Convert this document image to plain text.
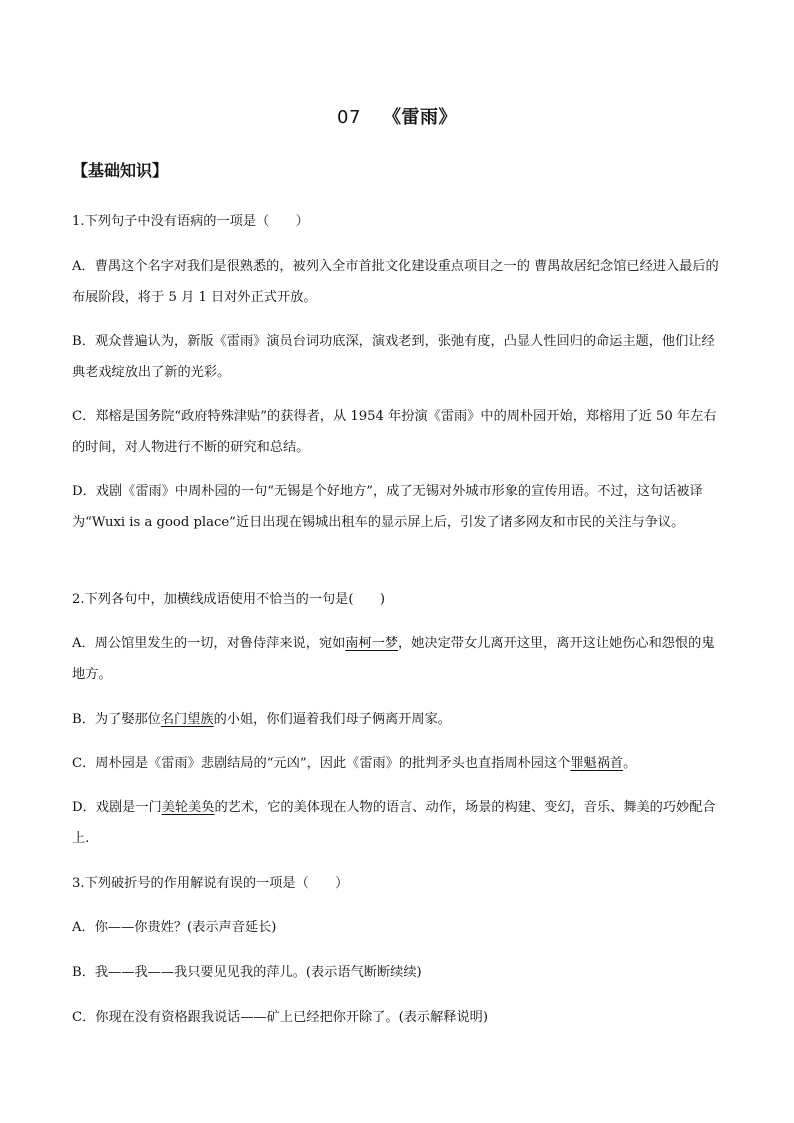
07 《雷雨》
【基础知识】

1.下列句子中没有语病的一项是（　　）

A．曹禺这个名字对我们是很熟悉的，被列入全市首批文化建设重点项目之一的 曹禺故居纪念馆已经进入最后的布展阶段，将于 5 月 1 日对外正式开放。

B．观众普遍认为，新版《雷雨》演员台词功底深，演戏老到，张弛有度，凸显人性回归的命运主题，他们让经典老戏绽放出了新的光彩。

C．郑榕是国务院“政府特殊津贴”的获得者，从 1954 年扮演《雷雨》中的周朴园开始，郑榕用了近 50 年左右的时间，对人物进行不断的研究和总结。

D．戏剧《雷雨》中周朴园的一句“无锡是个好地方”，成了无锡对外城市形象的宣传用语。不过，这句话被译为“Wuxi is a good place”近日出现在锡城出租车的显示屏上后，引发了诸多网友和市民的关注与争议。

2.下列各句中，加横线成语使用不恰当的一句是(　　)

A．周公馆里发生的一切，对鲁侍萍来说，宛如南柯一梦，她决定带女儿离开这里，离开这让她伤心和怨恨的鬼地方。

B．为了娶那位名门望族的小姐，你们逼着我们母子俩离开周家。

C．周朴园是《雷雨》悲剧结局的“元凶”，因此《雷雨》的批判矛头也直指周朴园这个罪魁祸首。

D．戏剧是一门美轮美奂的艺术，它的美体现在人物的语言、动作，场景的构建、变幻，音乐、舞美的巧妙配合上.

3.下列破折号的作用解说有误的一项是（　　）

A．你——你贵姓？(表示声音延长)

B．我——我——我只要见见我的萍儿。(表示语气断断续续)

C．你现在没有资格跟我说话——矿上已经把你开除了。(表示解释说明)
